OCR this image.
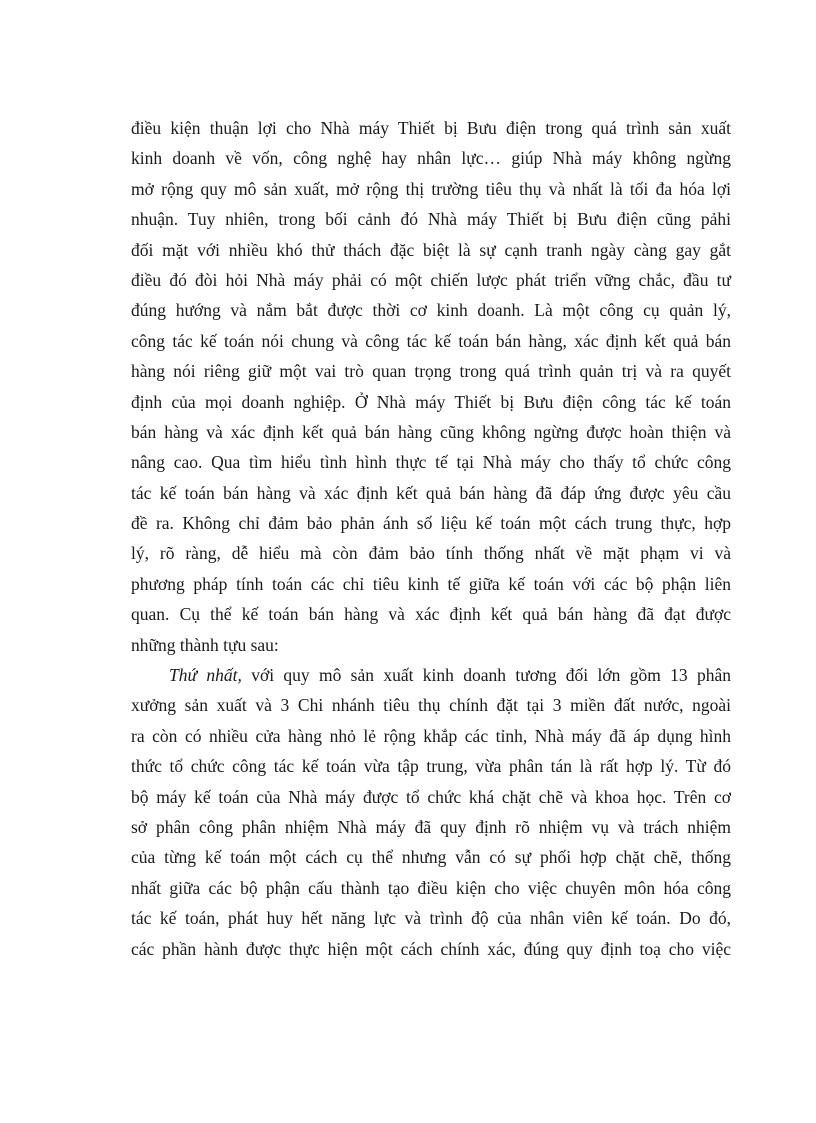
điều kiện thuận lợi cho Nhà máy Thiết bị Bưu điện trong quá trình sản xuất
kinh doanh về vốn, công nghệ hay nhân lực… giúp Nhà máy không ngừng
mở rộng quy mô sản xuất, mở rộng thị trường tiêu thụ và nhất là tối đa hóa lợi
nhuận. Tuy nhiên, trong bối cảnh đó Nhà máy Thiết bị Bưu điện cũng pảhi
đối mặt với nhiều khó thử thách đặc biệt là sự cạnh tranh ngày càng gay gắt
điều đó đòi hỏi Nhà máy phải có một chiến lược phát triển vững chắc, đầu tư
đúng hướng và nắm bắt được thời cơ kinh doanh. Là một công cụ quản lý,
công tác kế toán nói chung và công tác kế toán bán hàng, xác định kết quả bán
hàng nói riêng giữ một vai trò quan trọng trong quá trình quản trị và ra quyết
định của mọi doanh nghiệp. Ở Nhà máy Thiết bị Bưu điện công tác kế toán
bán hàng và xác định kết quả bán hàng cũng không ngừng được hoàn thiện và
nâng cao. Qua tìm hiểu tình hình thực tế tại Nhà máy cho thấy tổ chức công
tác kế toán bán hàng và xác định kết quả bán hàng đã đáp ứng được yêu cầu
đề ra. Không chỉ đảm bảo phản ánh số liệu kế toán một cách trung thực, hợp
lý, rõ ràng, dễ hiểu mà còn đảm bảo tính thống nhất về mặt phạm vi và
phương pháp tính toán các chỉ tiêu kinh tế giữa kế toán với các bộ phận liên
quan. Cụ thể kế toán bán hàng và xác định kết quả bán hàng đã đạt được
những thành tựu sau:
Thứ nhất, với quy mô sản xuất kinh doanh tương đối lớn gồm 13 phân
xưởng sản xuất và 3 Chi nhánh tiêu thụ chính đặt tại 3 miền đất nước, ngoài
ra còn có nhiều cửa hàng nhỏ lẻ rộng khắp các tỉnh, Nhà máy đã áp dụng hình
thức tổ chức công tác kế toán vừa tập trung, vừa phân tán là rất hợp lý. Từ đó
bộ máy kế toán của Nhà máy được tổ chức khá chặt chẽ và khoa học. Trên cơ
sở phân công phân nhiệm Nhà máy đã quy định rõ nhiệm vụ và trách nhiệm
của từng kế toán một cách cụ thể nhưng vẫn có sự phối hợp chặt chẽ, thống
nhất giữa các bộ phận cấu thành tạo điều kiện cho việc chuyên môn hóa công
tác kế toán, phát huy hết năng lực và trình độ của nhân viên kế toán. Do đó,
các phần hành được thực hiện một cách chính xác, đúng quy định toạ cho việc
